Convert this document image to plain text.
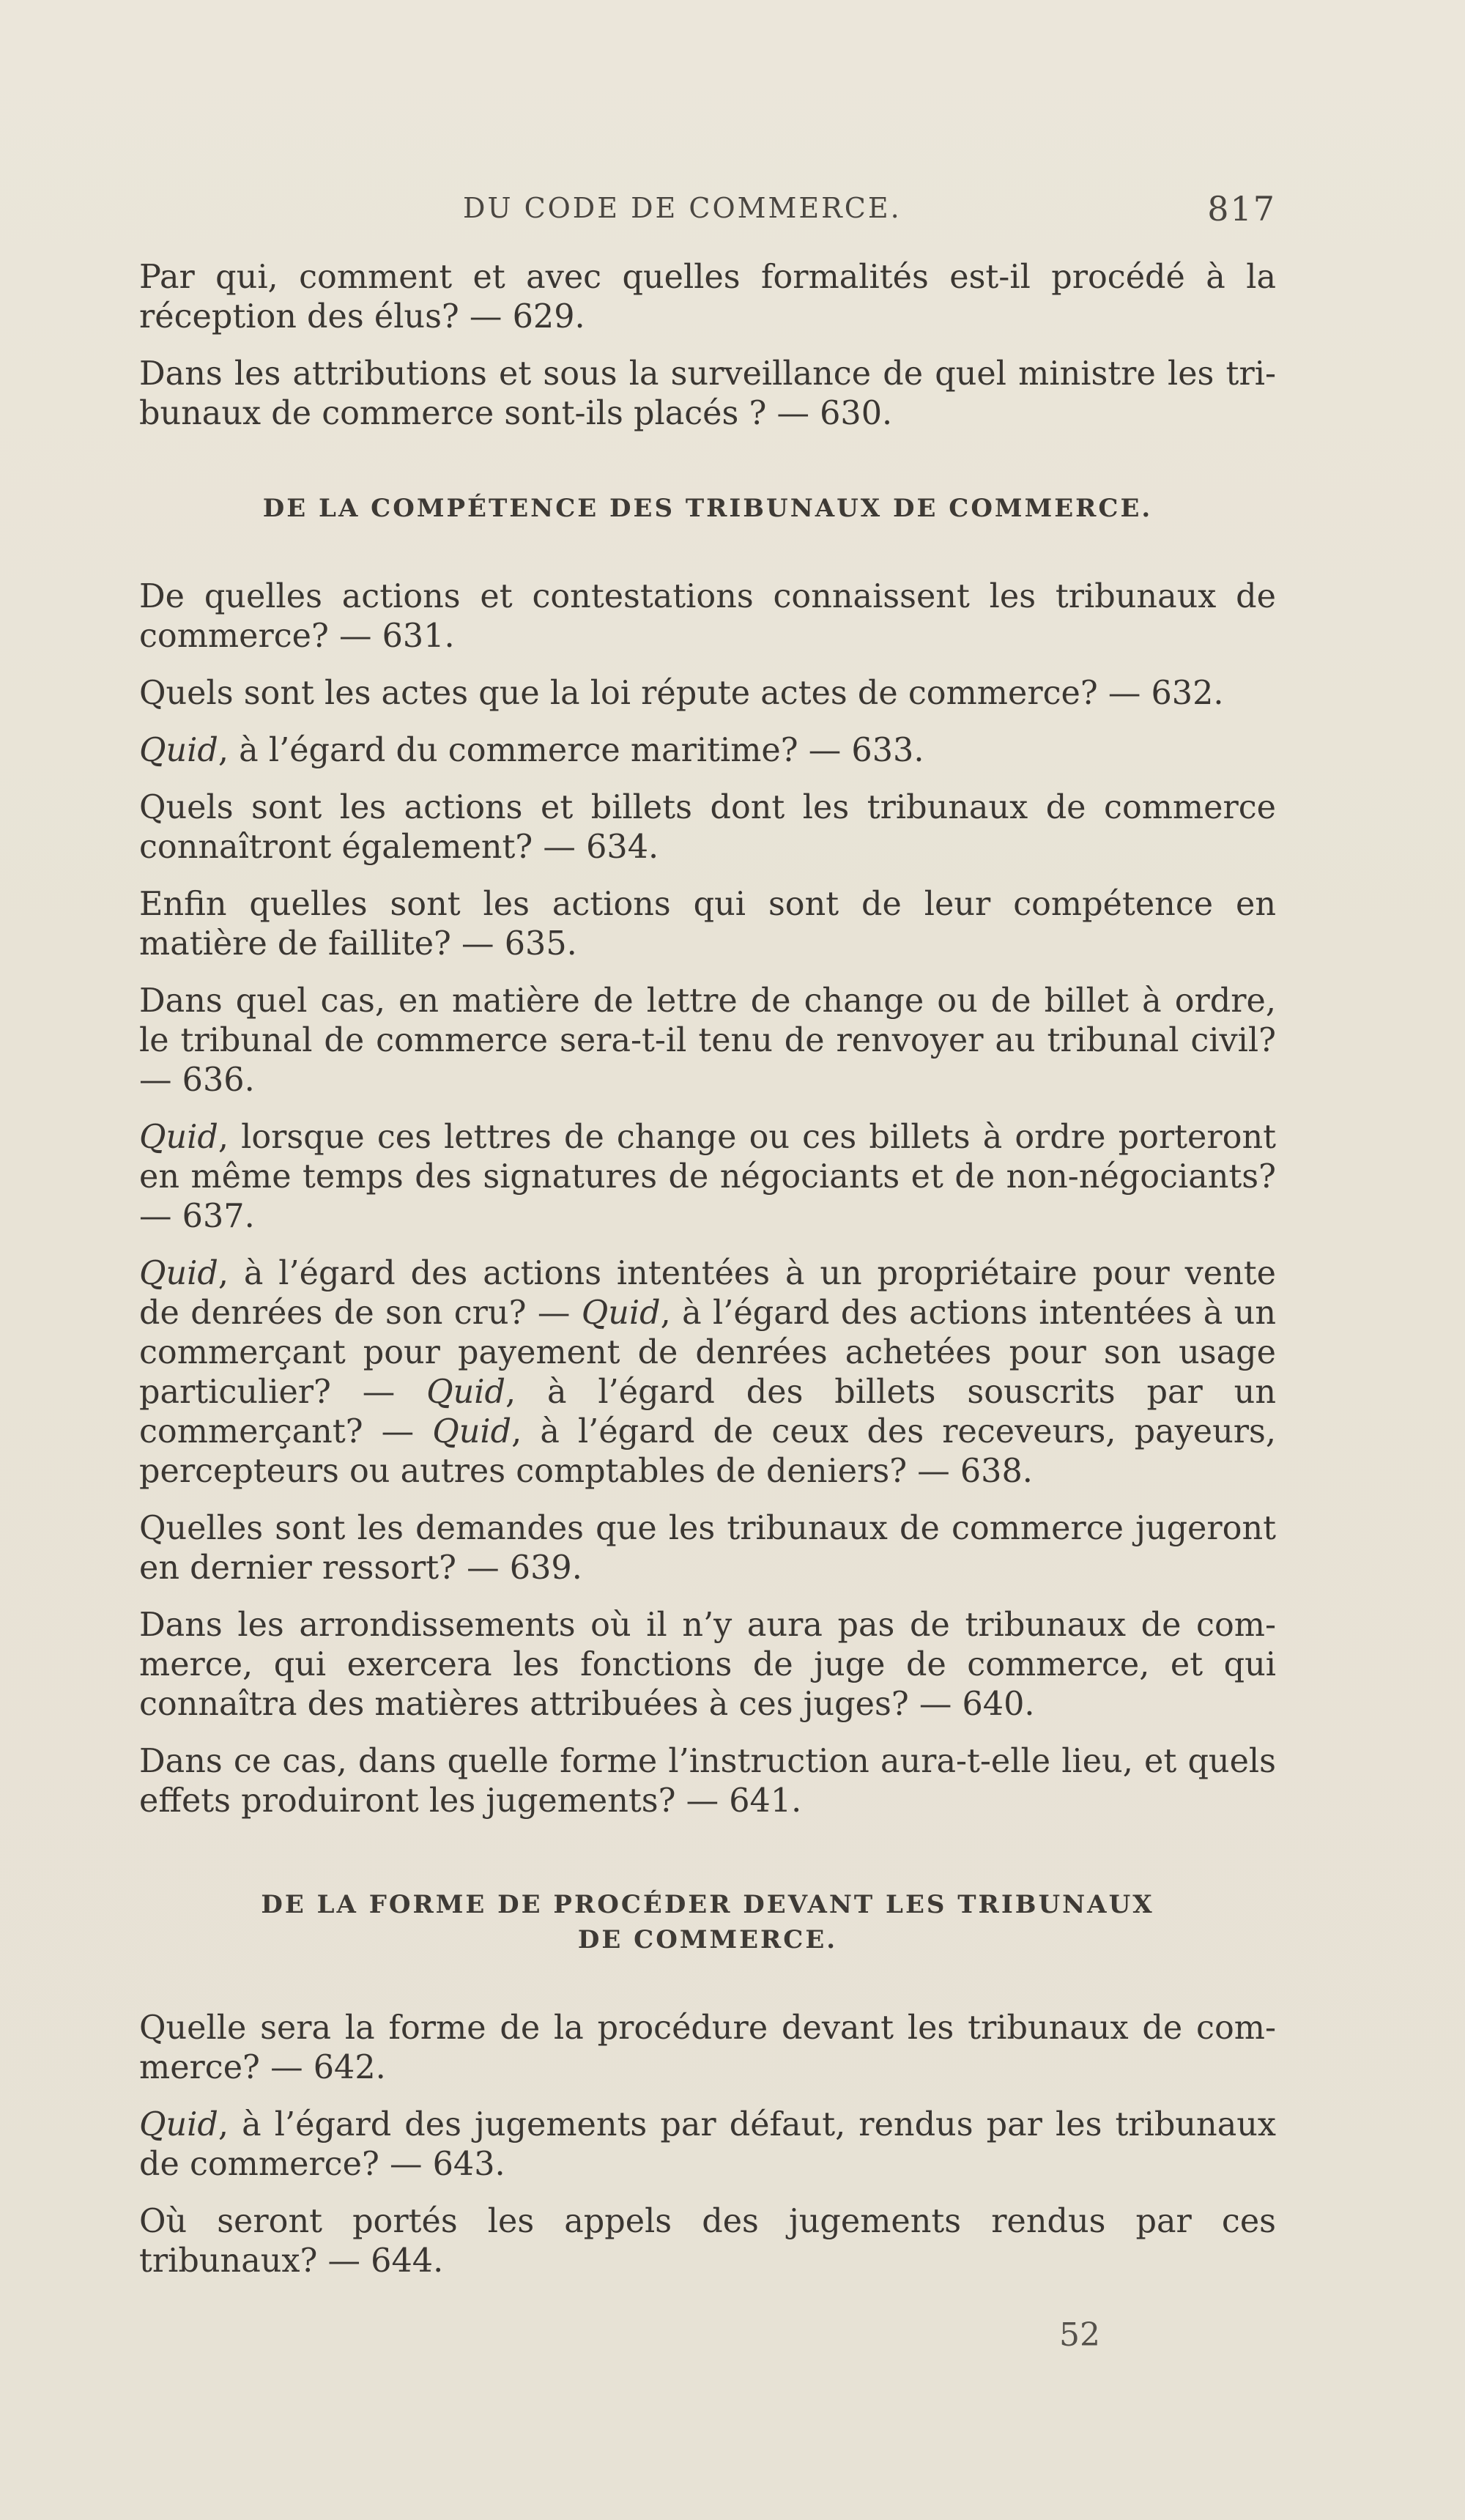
DU CODE DE COMMERCE.	817

Par qui, comment et avec quelles formalités est-il procédé à la réception des élus? — 629.

Dans les attributions et sous la surveillance de quel ministre les tribunaux de commerce sont-ils placés ? — 630.

DE LA COMPÉTENCE DES TRIBUNAUX DE COMMERCE.

De quelles actions et contestations connaissent les tribunaux de commerce? — 631.

Quels sont les actes que la loi répute actes de commerce? — 632.

Quid, à l’égard du commerce maritime? — 633.

Quels sont les actions et billets dont les tribunaux de commerce connaîtront également? — 634.

Enfin quelles sont les actions qui sont de leur compétence en matière de faillite? — 635.

Dans quel cas, en matière de lettre de change ou de billet à ordre, le tribunal de commerce sera-t-il tenu de renvoyer au tribunal civil? — 636.

Quid, lorsque ces lettres de change ou ces billets à ordre porteront en même temps des signatures de négociants et de non-négociants? — 637.

Quid, à l’égard des actions intentées à un propriétaire pour vente de denrées de son cru? — Quid, à l’égard des actions intentées à un commerçant pour payement de denrées achetées pour son usage particulier? — Quid, à l’égard des billets souscrits par un commerçant? — Quid, à l’égard de ceux des receveurs, payeurs, percepteurs ou autres comptables de deniers? — 638.

Quelles sont les demandes que les tribunaux de commerce jugeront en dernier ressort? — 639.

Dans les arrondissements où il n’y aura pas de tribunaux de commerce, qui exercera les fonctions de juge de commerce, et qui connaîtra des matières attribuées à ces juges? — 640.

Dans ce cas, dans quelle forme l’instruction aura-t-elle lieu, et quels effets produiront les jugements? — 641.

DE LA FORME DE PROCÉDER DEVANT LES TRIBUNAUX
DE COMMERCE.

Quelle sera la forme de la procédure devant les tribunaux de commerce? — 642.

Quid, à l’égard des jugements par défaut, rendus par les tribunaux de commerce? — 643.

Où seront portés les appels des jugements rendus par ces tribunaux? — 644.

52
